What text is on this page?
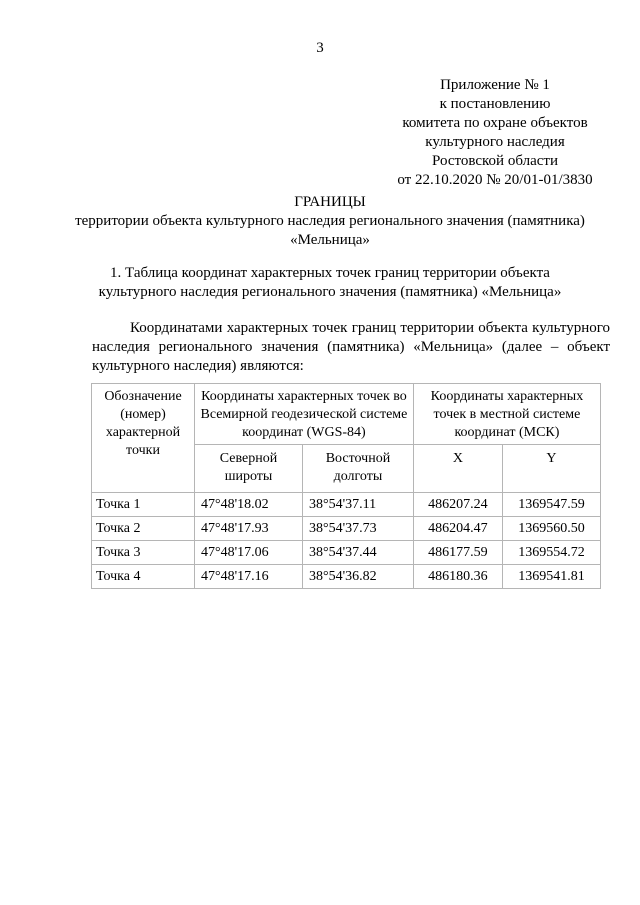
3
Приложение № 1
к постановлению
комитета по охране объектов
культурного наследия
Ростовской области
от 22.10.2020 № 20/01-01/3830
ГРАНИЦЫ
территории объекта культурного наследия регионального значения (памятника)
«Мельница»
1. Таблица координат характерных точек границ территории объекта
культурного наследия регионального значения (памятника) «Мельница»
Координатами характерных точек границ территории объекта культурного наследия регионального значения (памятника) «Мельница» (далее – объект культурного наследия) являются:
Обозначение (номер) характерной точки	Координаты характерных точек во Всемирной геодезической системе координат (WGS-84)		Координаты характерных точек в местной системе координат (МСК)	
	Северной широты	Восточной долготы	X	Y
Точка 1	47°48'18.02	38°54'37.11	486207.24	1369547.59
Точка 2	47°48'17.93	38°54'37.73	486204.47	1369560.50
Точка 3	47°48'17.06	38°54'37.44	486177.59	1369554.72
Точка 4	47°48'17.16	38°54'36.82	486180.36	1369541.81
